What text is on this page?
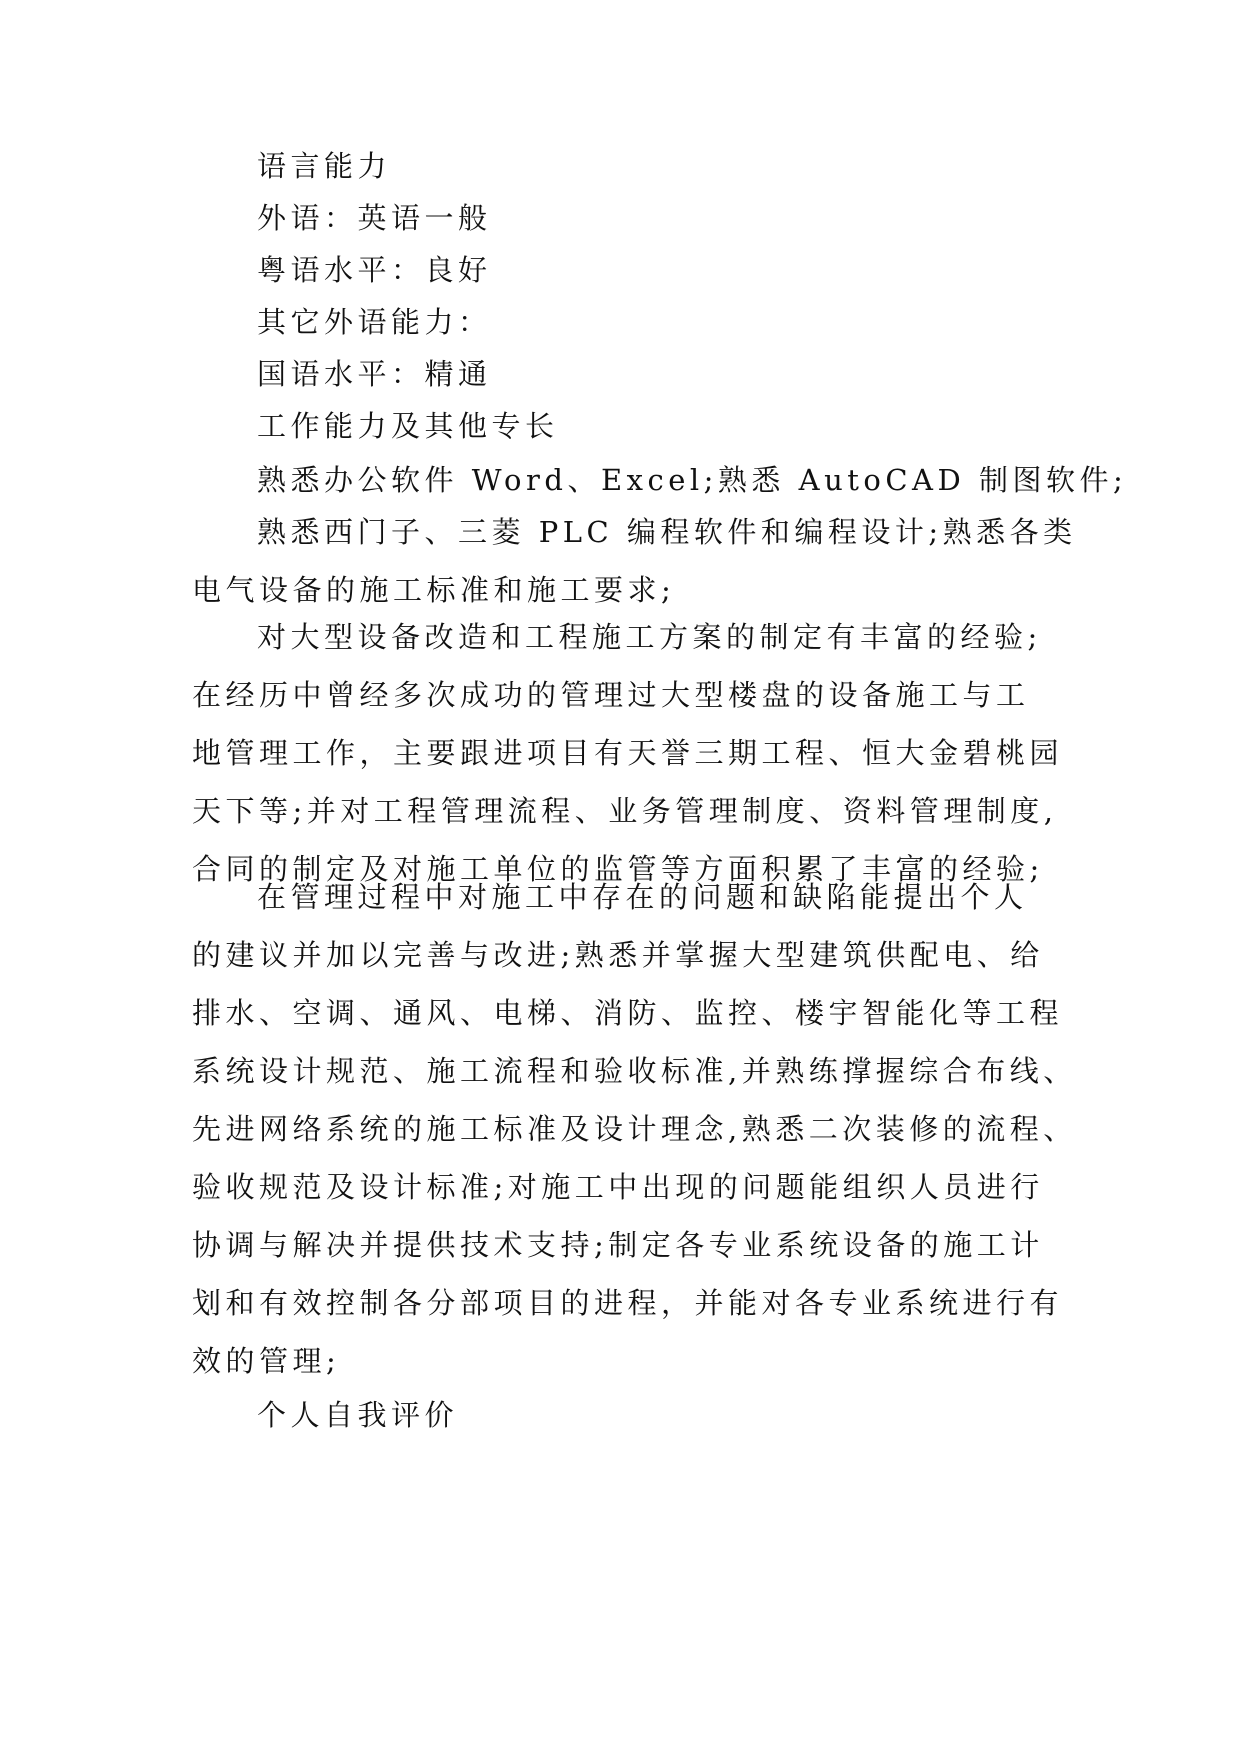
语言能力

外语：英语一般

粤语水平：良好

其它外语能力：

国语水平：精通

工作能力及其他专长

熟悉办公软件 Word、Excel;熟悉 AutoCAD 制图软件;

熟悉西门子、三菱 PLC 编程软件和编程设计;熟悉各类
电气设备的施工标准和施工要求;
对大型设备改造和工程施工方案的制定有丰富的经验;
在经历中曾经多次成功的管理过大型楼盘的设备施工与工
地管理工作，主要跟进项目有天誉三期工程、恒大金碧桃园
天下等;并对工程管理流程、业务管理制度、资料管理制度,
合同的制定及对施工单位的监管等方面积累了丰富的经验;
在管理过程中对施工中存在的问题和缺陷能提出个人
的建议并加以完善与改进;熟悉并掌握大型建筑供配电、给
排水、空调、通风、电梯、消防、监控、楼宇智能化等工程
系统设计规范、施工流程和验收标准,并熟练撑握综合布线、
先进网络系统的施工标准及设计理念,熟悉二次装修的流程、
验收规范及设计标准;对施工中出现的问题能组织人员进行
协调与解决并提供技术支持;制定各专业系统设备的施工计
划和有效控制各分部项目的进程，并能对各专业系统进行有
效的管理;

个人自我评价
